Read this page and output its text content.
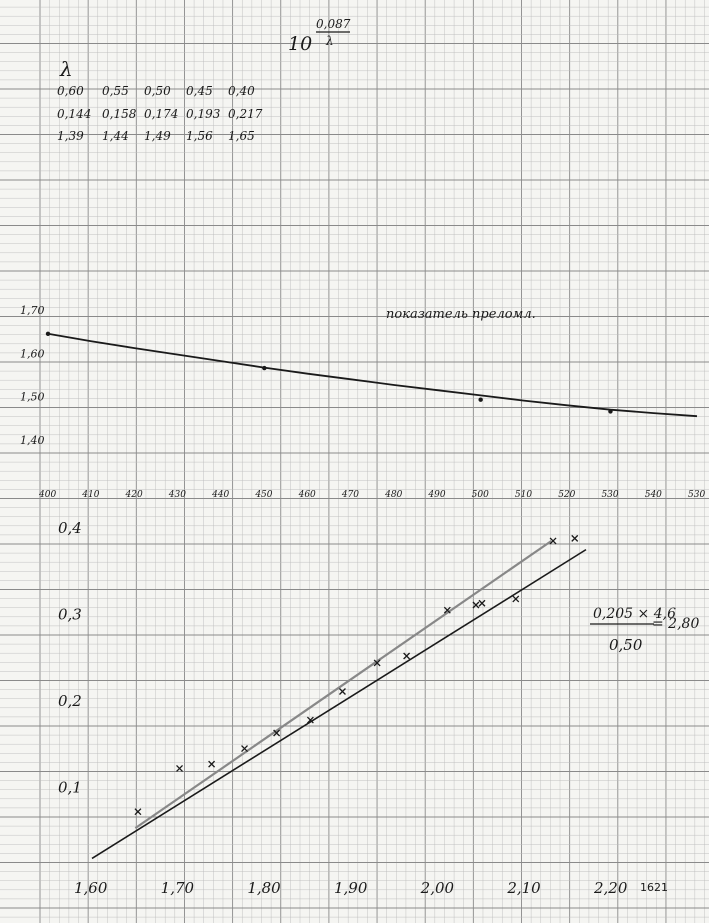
10
0,087
λ
λ
0,60 0,55 0,50 0,45 0,40
0,144 0,158 0,174 0,193 0,217
1,39 1,44 1,49 1,56 1,65
показатель преломл.
1,70
1,60
1,50
1,40
400	410	420	430	440	450	460	470	480	490	500	510	520	530	540	530
0,1
0,2
0,3
0,4
1,60	1,70	1,80	1,90	2,00	2,10	2,20
0,205 × 4,6
= 2,80
0,50
1621
